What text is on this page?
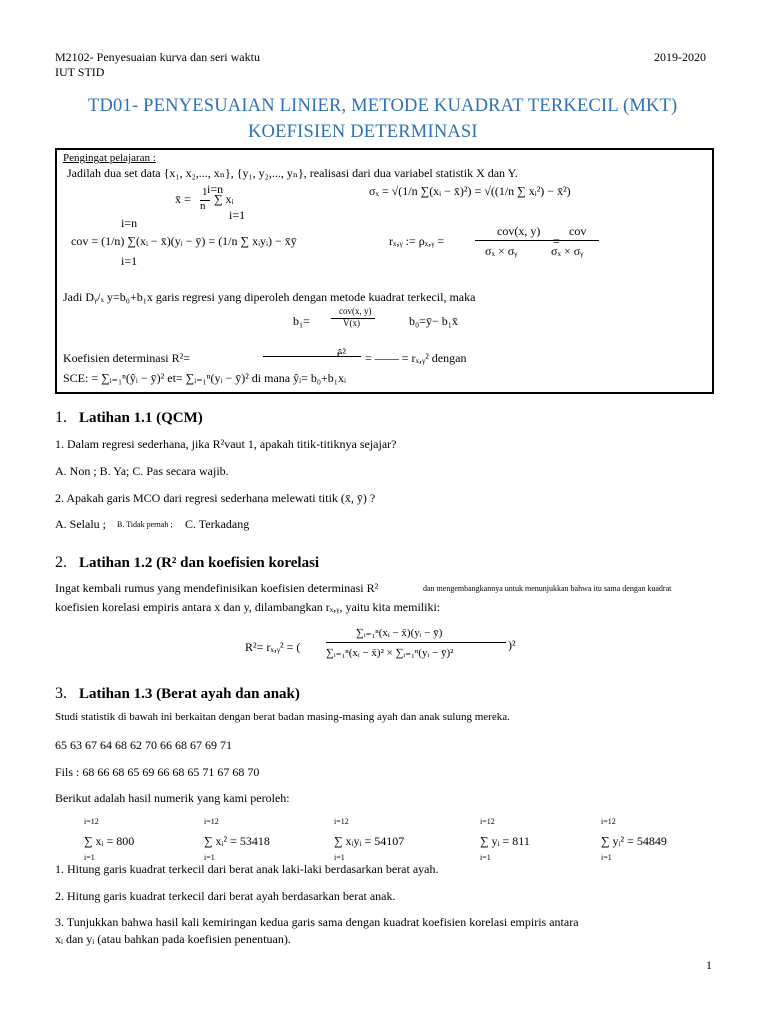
M2102- Penyesuaian kurva dan seri waktu
IUT STID
2019-2020
TD01- PENYESUAIAN LINIER, METODE KUADRAT TERKECIL (MKT)
KOEFISIEN DETERMINASI
Pengingat pelajaran :
Jadilah dua set data {x₁, x₂,..., xₙ}, {y₁, y₂,..., yₙ}, realisasi dari dua variabel statistik X dan Y.
i=n
x̄ = 1
n ∑ xᵢ
i=1
σₓ = √(1/n ∑(xᵢ − x̄)²) = √((1/n ∑ xᵢ²) − x̄²)
i=n
cov = (1/n) ∑(xᵢ − x̄)(yᵢ − ȳ) = (1/n ∑ xᵢyᵢ) − x̄ȳ
i=1
rₓ,ᵧ := ρₓ,ᵧ =
cov(x, y)
σₓ × σᵧ
=
cov
σₓ × σᵧ
Jadi Dᵧ/ₓ y=b₀+b₁x garis regresi yang diperoleh dengan metode kuadrat terkecil, maka
b₁=
cov(x, y)
V(x)	b₀=ȳ− b₁x̄
Koefisien determinasi R²=	ê² = —— = rₓ,ᵧ² dengan
SCE: = ∑ᵢ₌₁ⁿ(ŷᵢ − ȳ)² et= ∑ᵢ₌₁ⁿ(yᵢ − ȳ)² di mana ŷᵢ= b₀+b₁xᵢ
1. Latihan 1.1 (QCM)
1. Dalam regresi sederhana, jika R²vaut 1, apakah titik-titiknya sejajar?
A. Non ; B. Ya; C. Pas secara wajib.
2. Apakah garis MCO dari regresi sederhana melewati titik (x̄, ȳ) ?
A. Selalu ; B. Tidak pernah ; C. Terkadang
2. Latihan 1.2 (R² dan koefisien korelasi
Ingat kembali rumus yang mendefinisikan koefisien determinasi R²	dan mengembangkannya untuk menunjukkan bahwa itu sama dengan kuadrat
koefisien korelasi empiris antara x dan y, dilambangkan rₓ,ᵧ, yaitu kita memiliki:
R²= rₓ,ᵧ² = (
∑ᵢ₌₁ⁿ(xᵢ − x̄)(yᵢ − ȳ)
∑ᵢ₌₁ⁿ(xᵢ − x̄)² × ∑ᵢ₌₁ⁿ(yᵢ − ȳ)²
)²
3. Latihan 1.3 (Berat ayah dan anak)
Studi statistik di bawah ini berkaitan dengan berat badan masing-masing ayah dan anak sulung mereka.
65 63 67 64 68 62 70 66 68 67 69 71
Fils : 68 66 68 65 69 66 68 65 71 67 68 70
Berikut adalah hasil numerik yang kami peroleh:
i=12
∑ xᵢ = 800
i=1
i=12
∑ xᵢ² = 53418
i=1
i=12
∑ xᵢyᵢ = 54107
i=1
i=12
∑ yᵢ = 811
i=1
i=12
∑ yᵢ² = 54849
i=1
1. Hitung garis kuadrat terkecil dari berat anak laki-laki berdasarkan berat ayah.
2. Hitung garis kuadrat terkecil dari berat ayah berdasarkan berat anak.
3. Tunjukkan bahwa hasil kali kemiringan kedua garis sama dengan kuadrat koefisien korelasi empiris antara
xᵢ dan yᵢ (atau bahkan pada koefisien penentuan).
1
